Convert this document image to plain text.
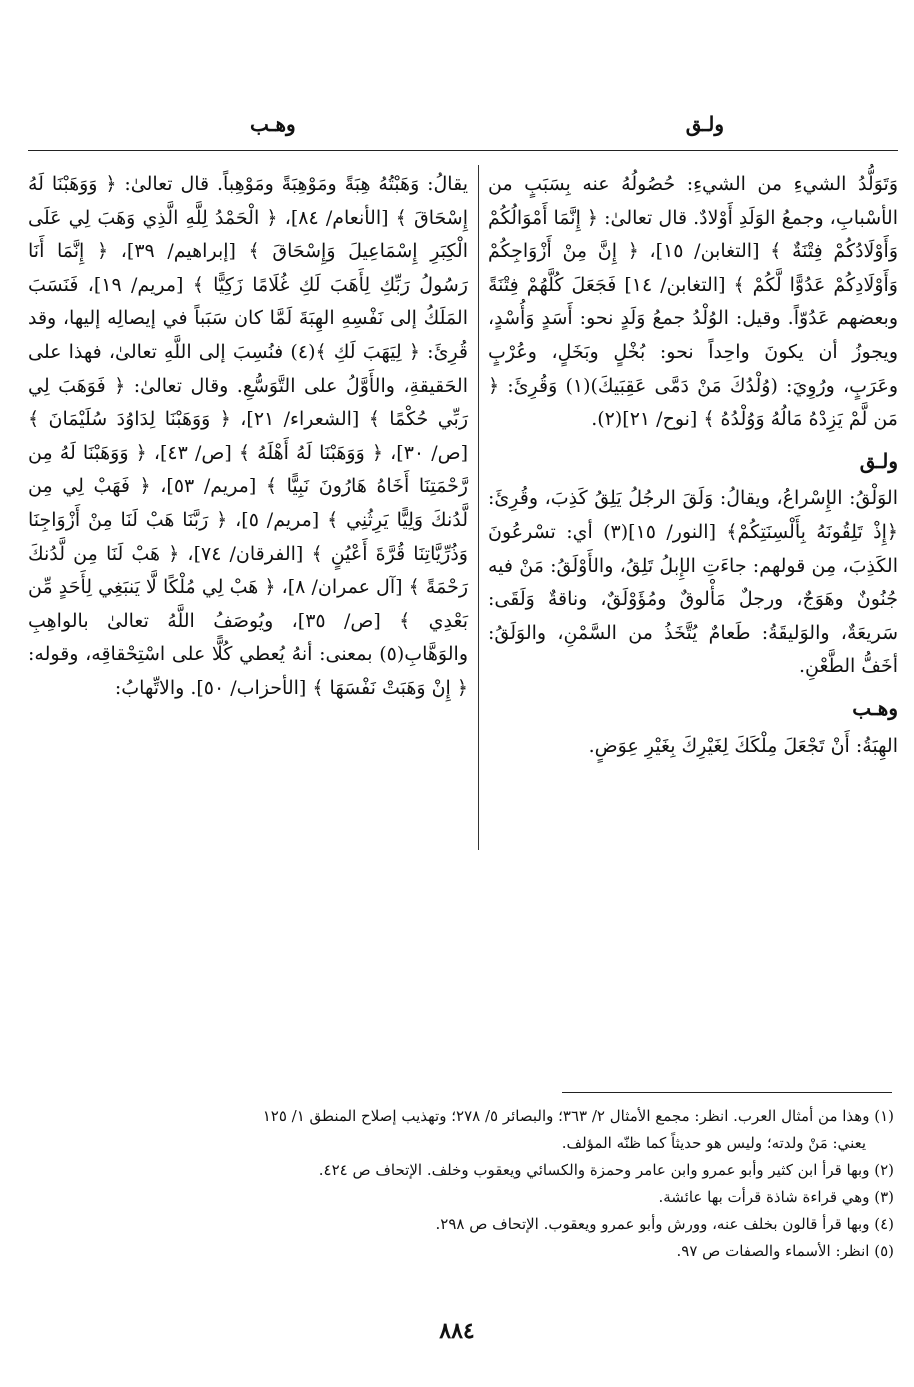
ولـق
وهـب

وَتَوَلُّدُ الشيءِ من الشيءِ: حُصُولُهُ عنه بِسَبَبٍ من الأسْبابِ، وجمعُ الوَلَدِ أَوْلادٌ. قال تعالىٰ: ﴿ إِنَّمَا أَمْوَالُكُمْ وَأَوْلَادُكُمْ فِتْنَةٌ ﴾ [التغابن/ ١٥]، ﴿ إِنَّ مِنْ أَزْوَاجِكُمْ وَأَوْلَادِكُمْ عَدُوًّا لَّكُمْ ﴾ [التغابن/ ١٤] فَجَعَلَ كُلَّهُمْ فِتْنَةً وبعضهم عَدُوّاً. وقيل: الوُلْدُ جمعُ وَلَدٍ نحو: أَسَدٍ وَأُسْدٍ، ويجوزُ أن يكونَ واحِداً نحو: بُخْلٍ وبَخَلٍ، وعُرْبٍ وعَرَبٍ، ورُوِيَ: (وُلْدُكَ مَنْ دَمَّى عَقِبَيكَ)(١) وَقُرِئَ: ﴿ مَن لَّمْ يَزِدْهُ مَالُهُ وَوُلْدُهُ ﴾ [نوح/ ٢١](٢).

ولـق

الوَلْقُ: الإِسْراعُ، ويقالُ: وَلَقَ الرجُلُ يَلِقُ كَذِبَ، وقُرِئَ: ﴿إِذْ تَلِقُونَهُ بِأَلْسِنَتِكُمْ﴾ [النور/ ١٥](٣) أي: تسْرعُونَ الكَذِبَ، مِن قولهم: جاءَتِ الإِبلُ تَلِقُ، والأَوْلَقُ: مَنْ فيه جُنُونٌ وهَوَجٌ، ورجلٌ مَأْلوقٌ ومُؤَوْلَقٌ، وناقةٌ وَلَقَى: سَريعَةٌ، والوَليقَةُ: طَعامٌ يُتَّخَذُ من السَّمْنِ، والوَلَقُ: أخَفُّ الطَّعْنِ.

وهـب

الهِبَةُ: أَنْ تَجْعَلَ مِلْكَكَ لِغَيْرِكَ بِغَيْرِ عِوَضٍ.

يقالُ: وَهَبْتُهُ هِبَةً ومَوْهِبَةً ومَوْهِباً. قال تعالىٰ: ﴿ وَوَهَبْنَا لَهُ إِسْحَاقَ ﴾ [الأنعام/ ٨٤]، ﴿ الْحَمْدُ لِلَّهِ الَّذِي وَهَبَ لِي عَلَى الْكِبَرِ إِسْمَاعِيلَ وَإِسْحَاقَ ﴾ [إبراهيم/ ٣٩]، ﴿ إِنَّمَا أَنَا رَسُولُ رَبِّكِ لِأَهَبَ لَكِ غُلَامًا زَكِيًّا ﴾ [مريم/ ١٩]، فَنَسَبَ المَلَكُ إلى نَفْسِهِ الهِبَةَ لَمَّا كان سَبَباً في إيصالِه إليها، وقد قُرِئَ: ﴿ لِيَهَبَ لَكِ ﴾(٤) فنُسِبَ إلى اللَّهِ تعالىٰ، فهذا على الحَقيقةِ، والأَوَّلُ على التَّوَسُّعِ. وقال تعالىٰ: ﴿ فَوَهَبَ لِي رَبِّي حُكْمًا ﴾ [الشعراء/ ٢١]، ﴿ وَوَهَبْنَا لِدَاوُدَ سُلَيْمَانَ ﴾ [ص/ ٣٠]، ﴿ وَوَهَبْنَا لَهُ أَهْلَهُ ﴾ [ص/ ٤٣]، ﴿ وَوَهَبْنَا لَهُ مِن رَّحْمَتِنَا أَخَاهُ هَارُونَ نَبِيًّا ﴾ [مريم/ ٥٣]، ﴿ فَهَبْ لِي مِن لَّدُنكَ وَلِيًّا يَرِثُنِي ﴾ [مريم/ ٥]، ﴿ رَبَّنَا هَبْ لَنَا مِنْ أَزْوَاجِنَا وَذُرِّيَّاتِنَا قُرَّةَ أَعْيُنٍ ﴾ [الفرقان/ ٧٤]، ﴿ هَبْ لَنَا مِن لَّدُنكَ رَحْمَةً ﴾ [آل عمران/ ٨]، ﴿ هَبْ لِي مُلْكًا لَّا يَنبَغِي لِأَحَدٍ مِّن بَعْدِي ﴾ [ص/ ٣٥]، ويُوصَفُ اللَّهُ تعالىٰ بالواهِبِ والوَهَّابِ(٥) بمعنى: أنهُ يُعطي كُلًّا على اسْتِحْقاقِه، وقوله: ﴿ إِنْ وَهَبَتْ نَفْسَهَا ﴾ [الأحزاب/ ٥٠]. والاتِّهابُ:

(١) وهذا من أمثال العرب. انظر: مجمع الأمثال ٢/ ٣٦٣؛ والبصائر ٥/ ٢٧٨؛ وتهذيب إصلاح المنطق ١/ ١٢٥
يعني: مَنْ ولدته؛ وليس هو حديثاً كما ظنّه المؤلف.
(٢) وبها قرأ ابن كثير وأبو عمرو وابن عامر وحمزة والكسائي ويعقوب وخلف. الإتحاف ص ٤٢٤.
(٣) وهي قراءة شاذة قرأت بها عائشة.
(٤) وبها قرأ قالون بخلف عنه، وورش وأبو عمرو ويعقوب. الإتحاف ص ٢٩٨.
(٥) انظر: الأسماء والصفات ص ٩٧.
٨٨٤
